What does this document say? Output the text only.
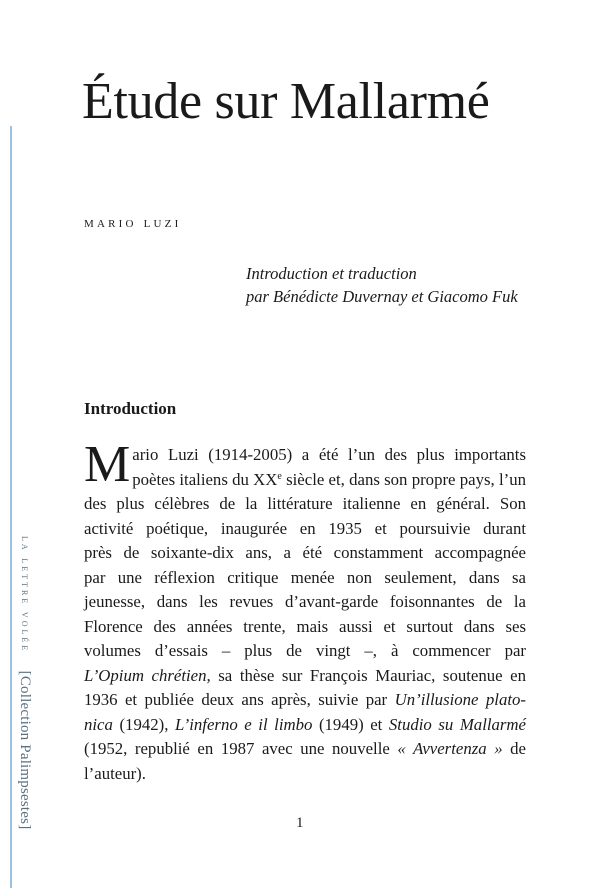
la lettre volée [Collection Palimpsestes]
Étude sur Mallarmé
mario luzi
Introduction et traduction
par Bénédicte Duvernay et Giacomo Fuk
Introduction
M ario Luzi (1914-2005) a été l’un des plus importants
poètes italiens du XXe siècle et, dans son propre pays, l’un
des plus célèbres de la littérature italienne en général. Son
activité poétique, inaugurée en 1935 et poursuivie durant
près de soixante-dix ans, a été constamment accompagnée
par une réflexion critique menée non seulement, dans sa
jeunesse, dans les revues d’avant-garde foisonnantes de la
Florence des années trente, mais aussi et surtout dans ses
volumes d’essais – plus de vingt –, à commencer par
L’Opium chrétien, sa thèse sur François Mauriac, soutenue en
1936 et publiée deux ans après, suivie par Un’illusione plato-
nica (1942), L’inferno e il limbo (1949) et Studio su Mallarmé
(1952, republié en 1987 avec une nouvelle « Avvertenza » de
l’auteur).
1
